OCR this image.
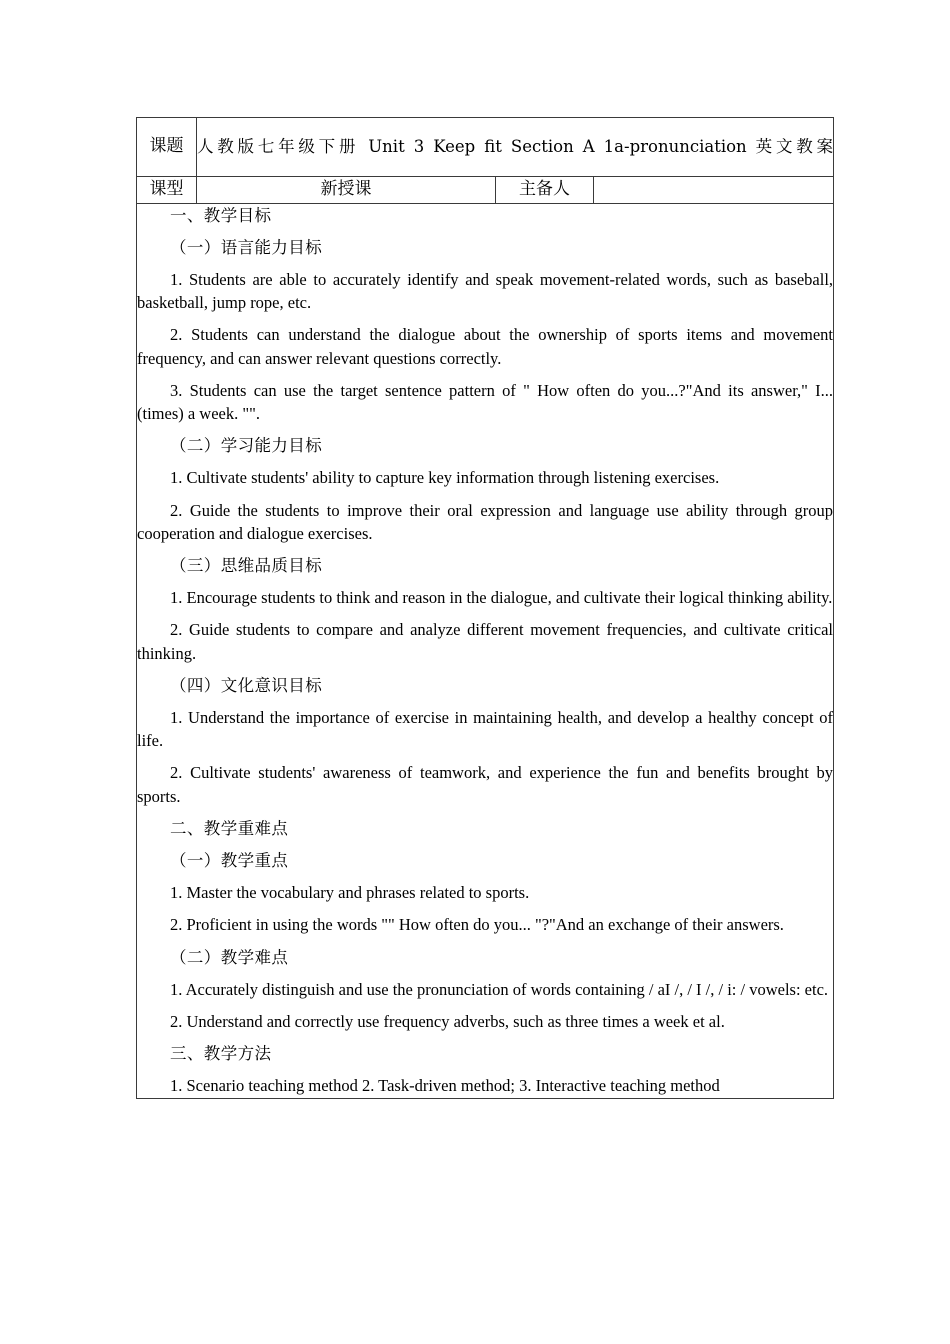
课题	人教版七年级下册 Unit 3 Keep fit Section A 1a-pronunciation 英文教案		
课型	新授课	主备人	

一、教学目标
（一）语言能力目标
1. Students are able to accurately identify and speak movement-related words, such as baseball, basketball, jump rope, etc.
2. Students can understand the dialogue about the ownership of sports items and movement frequency, and can answer relevant questions correctly.
3. Students can use the target sentence pattern of " How often do you...?"And its answer," I... (times) a week. "".
（二）学习能力目标
1. Cultivate students' ability to capture key information through listening exercises.
2. Guide the students to improve their oral expression and language use ability through group cooperation and dialogue exercises.
（三）思维品质目标
1. Encourage students to think and reason in the dialogue, and cultivate their logical thinking ability.
2. Guide students to compare and analyze different movement frequencies, and cultivate critical thinking.
（四）文化意识目标
1. Understand the importance of exercise in maintaining health, and develop a healthy concept of life.
2. Cultivate students' awareness of teamwork, and experience the fun and benefits brought by sports.
二、教学重难点
（一）教学重点
1. Master the vocabulary and phrases related to sports.
2. Proficient in using the words "" How often do you... "?"And an exchange of their answers.
（二）教学难点
1. Accurately distinguish and use the pronunciation of words containing / aI /, / I /, / i: / vowels: etc.
2. Understand and correctly use frequency adverbs, such as three times a week et al.
三、教学方法
1. Scenario teaching method 2. Task-driven method; 3. Interactive teaching method
